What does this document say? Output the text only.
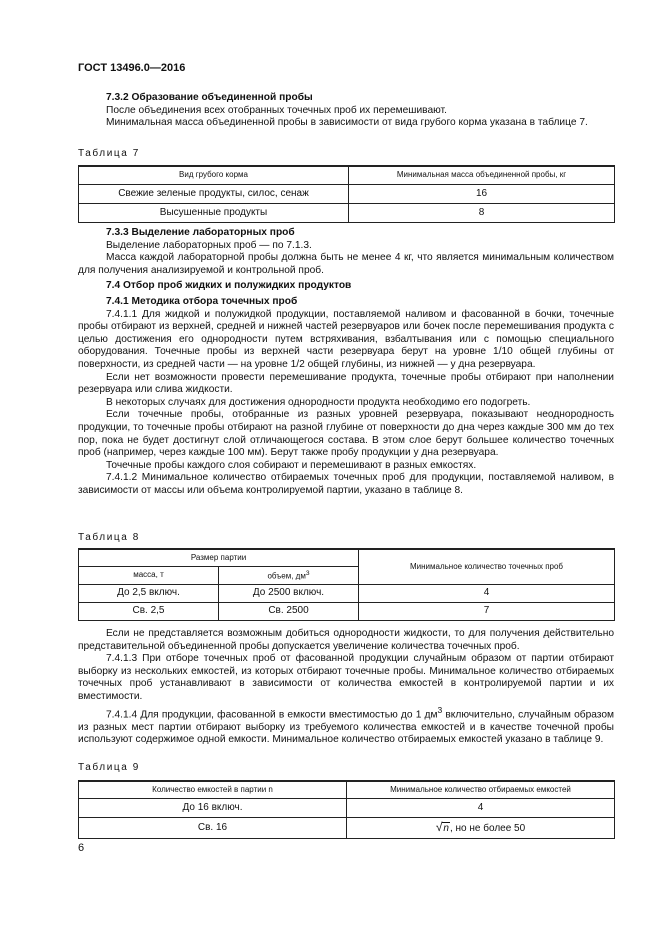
ГОСТ 13496.0—2016

7.3.2 Образование объединенной пробы

После объединения всех отобранных точечных проб их перемешивают.

Минимальная масса объединенной пробы в зависимости от вида грубого корма указана в таблице 7.

Таблица 7

Вид грубого корма	Минимальная масса объединенной пробы, кг
Свежие зеленые продукты, силос, сенаж	16
Высушенные продукты	8

7.3.3 Выделение лабораторных проб

Выделение лабораторных проб — по 7.1.3.

Масса каждой лабораторной пробы должна быть не менее 4 кг, что является минимальным количеством для получения анализируемой и контрольной проб.

7.4 Отбор проб жидких и полужидких продуктов

7.4.1 Методика отбора точечных проб

7.4.1.1 Для жидкой и полужидкой продукции, поставляемой наливом и фасованной в бочки, точечные пробы отбирают из верхней, средней и нижней частей резервуаров или бочек после перемешивания продукта с целью достижения его однородности путем встряхивания, взбалтывания или с помощью специального оборудования. Точечные пробы из верхней части резервуара берут на уровне 1/10 общей глубины от поверхности, из средней части — на уровне 1/2 общей глубины, из нижней — у дна резервуара.

Если нет возможности провести перемешивание продукта, точечные пробы отбирают при наполнении резервуара или слива жидкости.

В некоторых случаях для достижения однородности продукта необходимо его подогреть.

Если точечные пробы, отобранные из разных уровней резервуара, показывают неоднородность продукции, то точечные пробы отбирают на разной глубине от поверхности до дна через каждые 300 мм до тех пор, пока не будет достигнут слой отличающегося состава. В этом слое берут большее количество точечных проб (например, через каждые 100 мм). Берут также пробу продукции у дна резервуара.

Точечные пробы каждого слоя собирают и перемешивают в разных емкостях.

7.4.1.2 Минимальное количество отбираемых точечных проб для продукции, поставляемой наливом, в зависимости от массы или объема контролируемой партии, указано в таблице 8.

Таблица 8

Размер партии		Минимальное количество точечных проб
масса, т	объем, $дм^3$
До 2,5 включ.	До 2500 включ.	4
Св. 2,5	Св. 2500	7

Если не представляется возможным добиться однородности жидкости, то для получения действительно представительной объединенной пробы допускается увеличение количества точечных проб.

7.4.1.3 При отборе точечных проб от фасованной продукции случайным образом от партии отбирают выборку из нескольких емкостей, из которых отбирают точечные пробы. Минимальное количество отбираемых точечных проб устанавливают в зависимости от количества емкостей в контролируемой партии и их вместимости.

7.4.1.4 Для продукции, фасованной в емкости вместимостью до 1 $дм^3$ включительно, случайным образом из разных мест партии отбирают выборку из требуемого количества емкостей и в качестве точечной пробы используют содержимое одной емкости. Минимальное количество отбираемых емкостей указано в таблице 9.

Таблица 9

Количество емкостей в партии n	Минимальное количество отбираемых емкостей
До 16 включ.	4
Св. 16	√n, но не более 50
6
